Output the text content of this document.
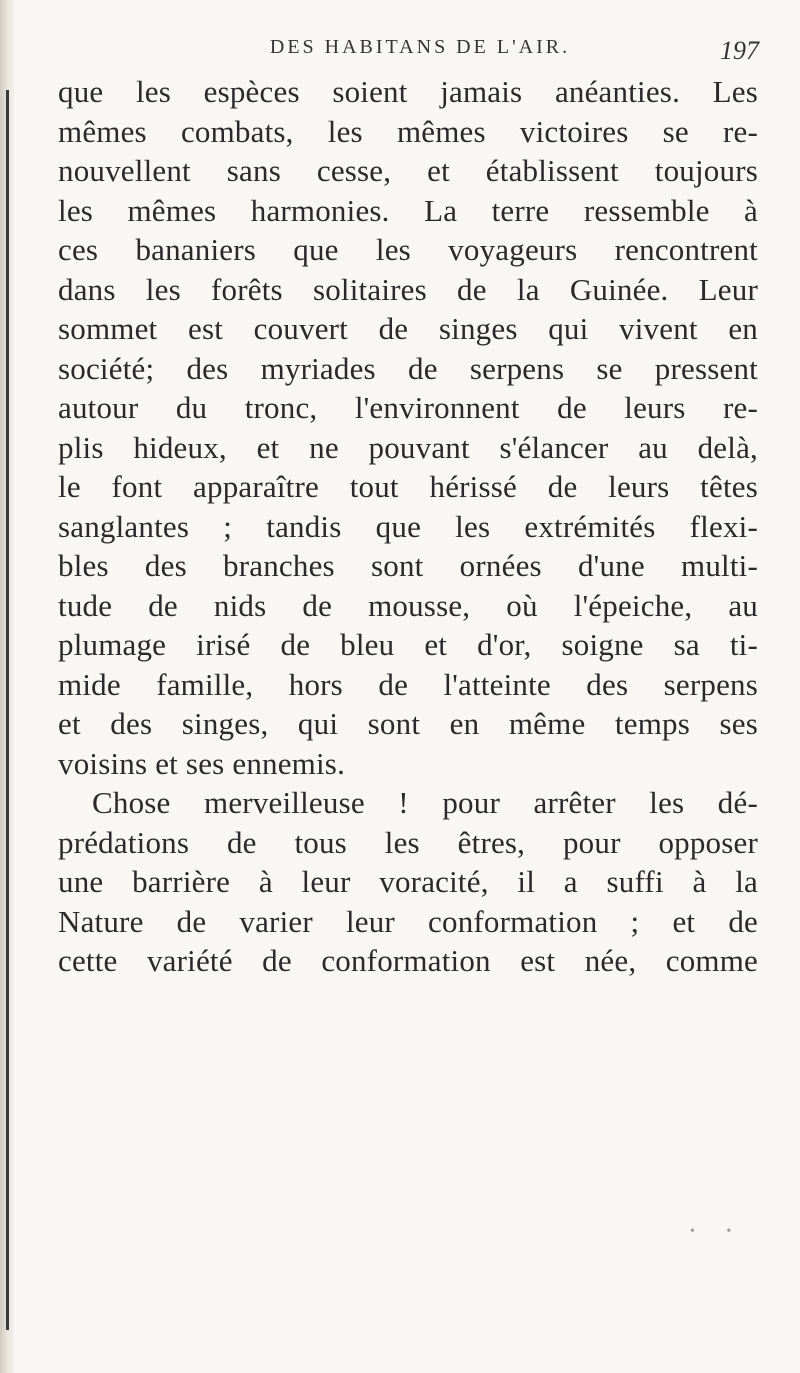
DES HABITANS DE L'AIR.	197
que les espèces soient jamais anéanties. Les
mêmes combats, les mêmes victoires se re-
nouvellent sans cesse, et établissent toujours
les mêmes harmonies. La terre ressemble à
ces bananiers que les voyageurs rencontrent
dans les forêts solitaires de la Guinée. Leur
sommet est couvert de singes qui vivent en
société; des myriades de serpens se pressent
autour du tronc, l'environnent de leurs re-
plis hideux, et ne pouvant s'élancer au delà,
le font apparaître tout hérissé de leurs têtes
sanglantes ; tandis que les extrémités flexi-
bles des branches sont ornées d'une multi-
tude de nids de mousse, où l'épeiche, au
plumage irisé de bleu et d'or, soigne sa ti-
mide famille, hors de l'atteinte des serpens
et des singes, qui sont en même temps ses
voisins et ses ennemis.
Chose merveilleuse ! pour arrêter les dé-
prédations de tous les êtres, pour opposer
une barrière à leur voracité, il a suffi à la
Nature de varier leur conformation ; et de
cette variété de conformation est née, comme
• •
